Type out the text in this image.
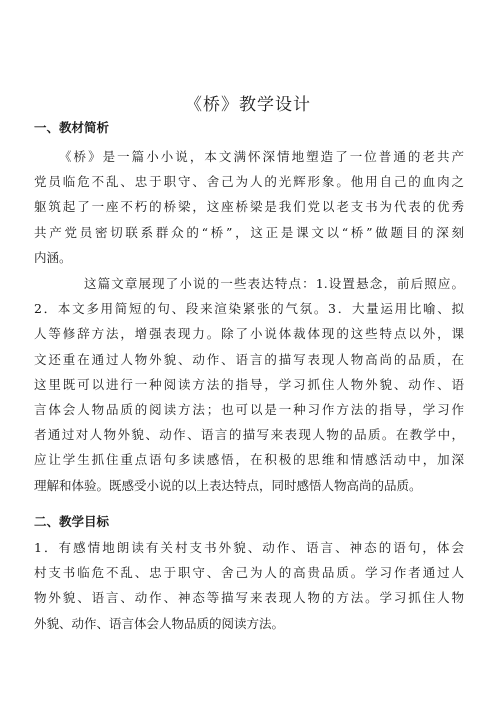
《桥》教学设计
一、教材简析
《桥》是一篇小小说，本文满怀深情地塑造了一位普通的老共产
党员临危不乱、忠于职守、舍己为人的光辉形象。他用自己的血肉之
躯筑起了一座不朽的桥梁，这座桥梁是我们党以老支书为代表的优秀
共产党员密切联系群众的“桥”，这正是课文以“桥”做题目的深刻
内涵。
这篇文章展现了小说的一些表达特点：1.设置悬念，前后照应。
2．本文多用简短的句、段来渲染紧张的气氛。3．大量运用比喻、拟
人等修辞方法，增强表现力。除了小说体裁体现的这些特点以外，课
文还重在通过人物外貌、动作、语言的描写表现人物高尚的品质，在
这里既可以进行一种阅读方法的指导，学习抓住人物外貌、动作、语
言体会人物品质的阅读方法；也可以是一种习作方法的指导，学习作
者通过对人物外貌、动作、语言的描写来表现人物的品质。在教学中，
应让学生抓住重点语句多读感悟，在积极的思维和情感活动中，加深
理解和体验。既感受小说的以上表达特点，同时感悟人物高尚的品质。
二、教学目标
1．有感情地朗读有关村支书外貌、动作、语言、神态的语句，体会
村支书临危不乱、忠于职守、舍己为人的高贵品质。学习作者通过人
物外貌、语言、动作、神态等描写来表现人物的方法。学习抓住人物
外貌、动作、语言体会人物品质的阅读方法。
